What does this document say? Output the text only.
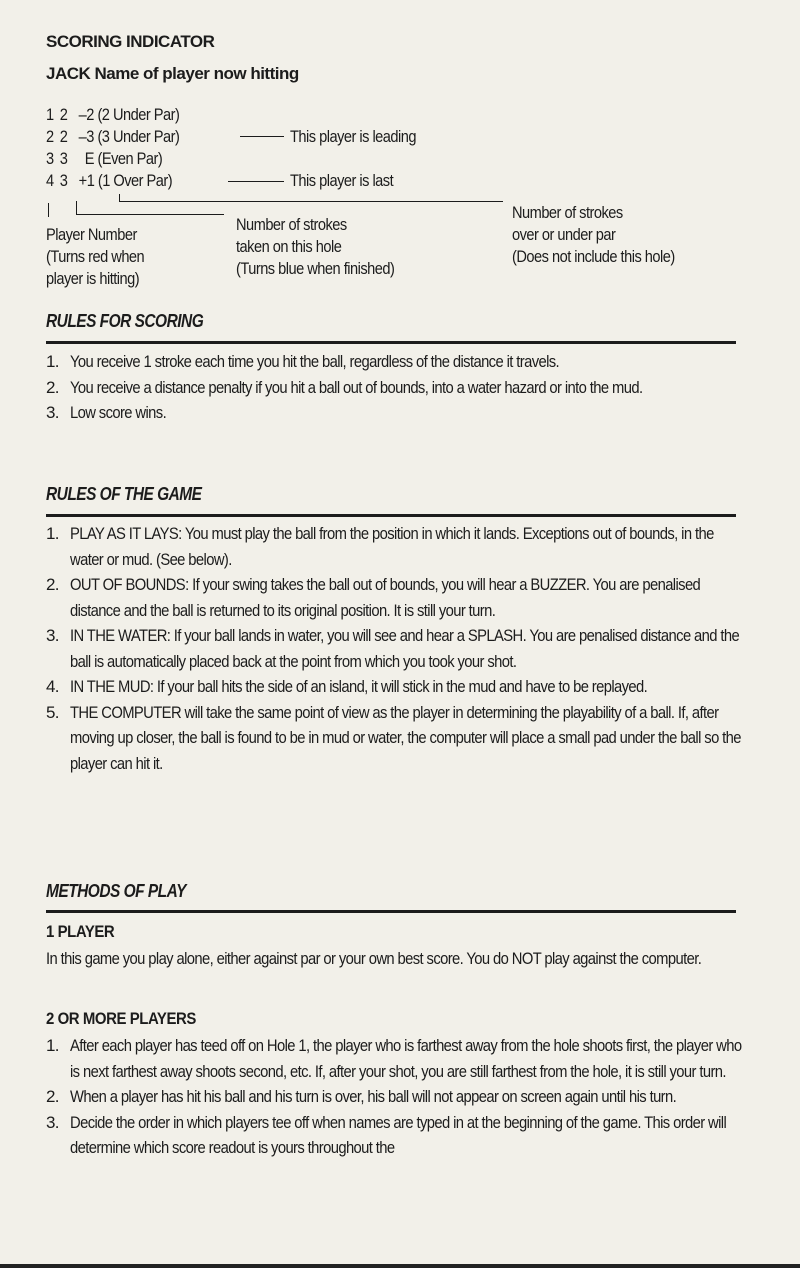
SCORING INDICATOR
JACK Name of player now hitting
1 2 –2 (2 Under Par)
2 2 –3 (3 Under Par)
3 3 E (Even Par)
4 3 +1 (1 Over Par)
This player is leading
This player is last
Player Number
(Turns red when
player is hitting)
Number of strokes
taken on this hole
(Turns blue when finished)
Number of strokes
over or under par
(Does not include this hole)
RULES FOR SCORING
1. You receive 1 stroke each time you hit the ball, regardless of the distance it travels.
2. You receive a distance penalty if you hit a ball out of bounds, into a water hazard or into the mud.
3. Low score wins.
RULES OF THE GAME
1. PLAY AS IT LAYS: You must play the ball from the position in which it lands. Exceptions out of bounds, in the water or mud. (See below).
2. OUT OF BOUNDS: If your swing takes the ball out of bounds, you will hear a BUZZER. You are penalised distance and the ball is returned to its original position. It is still your turn.
3. IN THE WATER: If your ball lands in water, you will see and hear a SPLASH. You are penalised distance and the ball is automatically placed back at the point from which you took your shot.
4. IN THE MUD: If your ball hits the side of an island, it will stick in the mud and have to be replayed.
5. THE COMPUTER will take the same point of view as the player in determining the playability of a ball. If, after moving up closer, the ball is found to be in mud or water, the computer will place a small pad under the ball so the player can hit it.
METHODS OF PLAY
1 PLAYER
In this game you play alone, either against par or your own best score. You do NOT play against the computer.
2 OR MORE PLAYERS
1. After each player has teed off on Hole 1, the player who is farthest away from the hole shoots first, the player who is next farthest away shoots second, etc. If, after your shot, you are still farthest from the hole, it is still your turn.
2. When a player has hit his ball and his turn is over, his ball will not appear on screen again until his turn.
3. Decide the order in which players tee off when names are typed in at the beginning of the game. This order will determine which score readout is yours throughout the
